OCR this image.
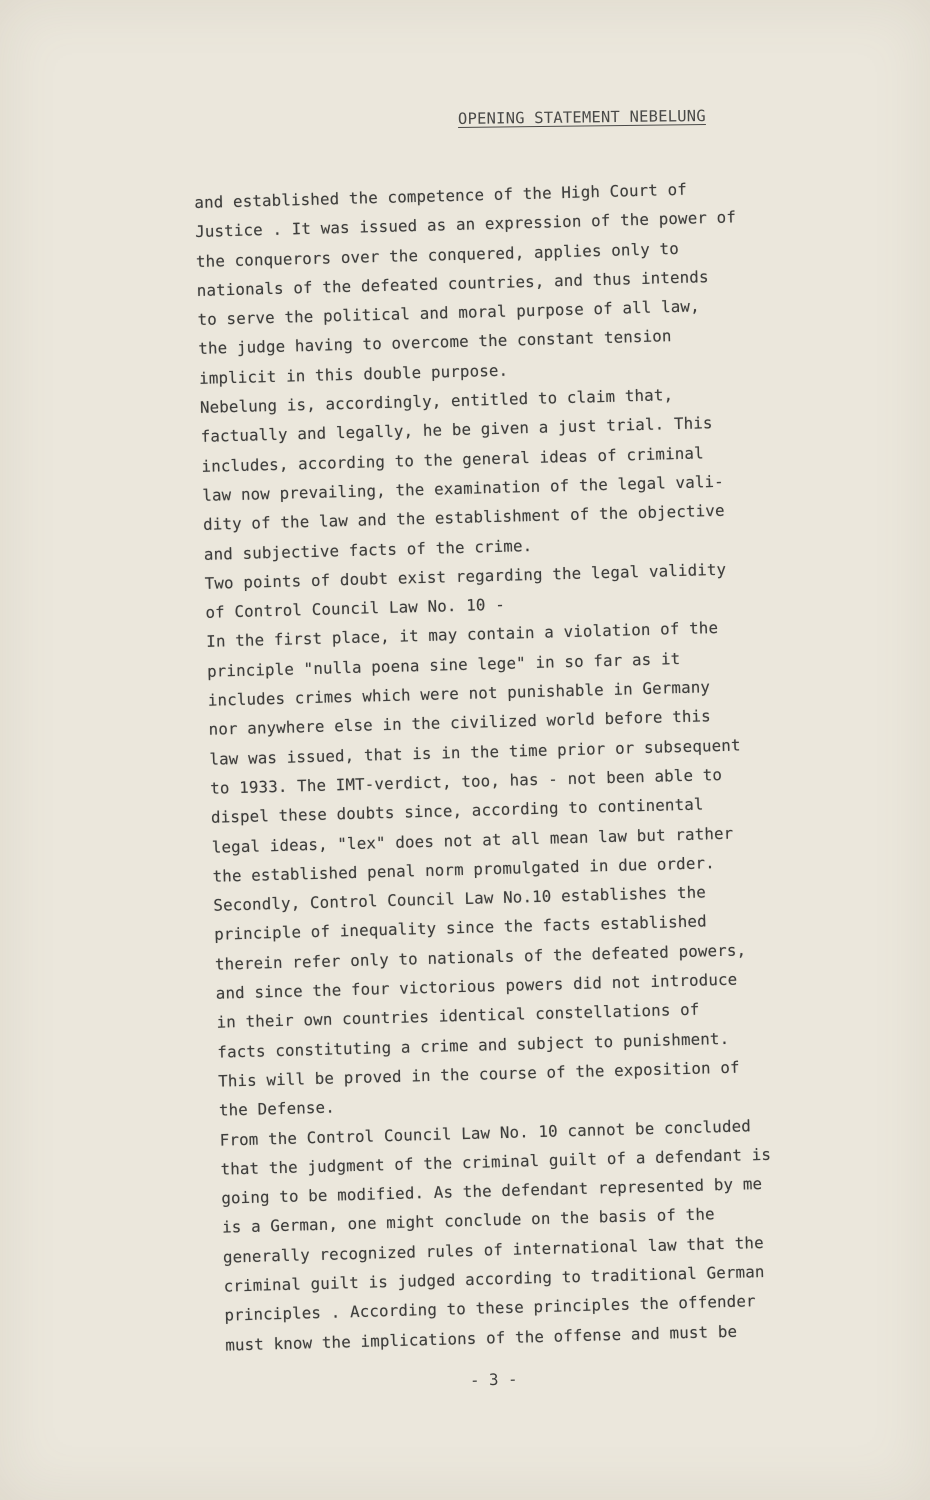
OPENING STATEMENT NEBELUNG
and established the competence of the High Court of
Justice . It was issued as an expression of the power of
the conquerors over the conquered, applies only to
nationals of the defeated countries, and thus intends
to serve the political and moral purpose of all law,
the judge having to overcome the constant tension
implicit in this double purpose.
Nebelung is, accordingly, entitled to claim that,
factually and legally, he be given a just trial. This
includes, according to the general ideas of criminal
law now prevailing, the examination of the legal vali-
dity of the law and the establishment of the objective
and subjective facts of the crime.
Two points of doubt exist regarding the legal validity
of Control Council Law No. 10 -
In the first place, it may contain a violation of the
principle "nulla poena sine lege" in so far as it
includes crimes which were not punishable in Germany
nor anywhere else in the civilized world before this
law was issued, that is in the time prior or subsequent
to 1933. The IMT-verdict, too, has - not been able to
dispel these doubts since, according to continental
legal ideas, "lex" does not at all mean law but rather
the established penal norm promulgated in due order.
Secondly, Control Council Law No.10 establishes the
principle of inequality since the facts established
therein refer only to nationals of the defeated powers,
and since the four victorious powers did not introduce
in their own countries identical constellations of
facts constituting a crime and subject to punishment.
This will be proved in the course of the exposition of
the Defense.
From the Control Council Law No. 10 cannot be concluded
that the judgment of the criminal guilt of a defendant is
going to be modified. As the defendant represented by me
is a German, one might conclude on the basis of the
generally recognized rules of international law that the
criminal guilt is judged according to traditional German
principles . According to these principles the offender
must know the implications of the offense and must be
- 3 -
